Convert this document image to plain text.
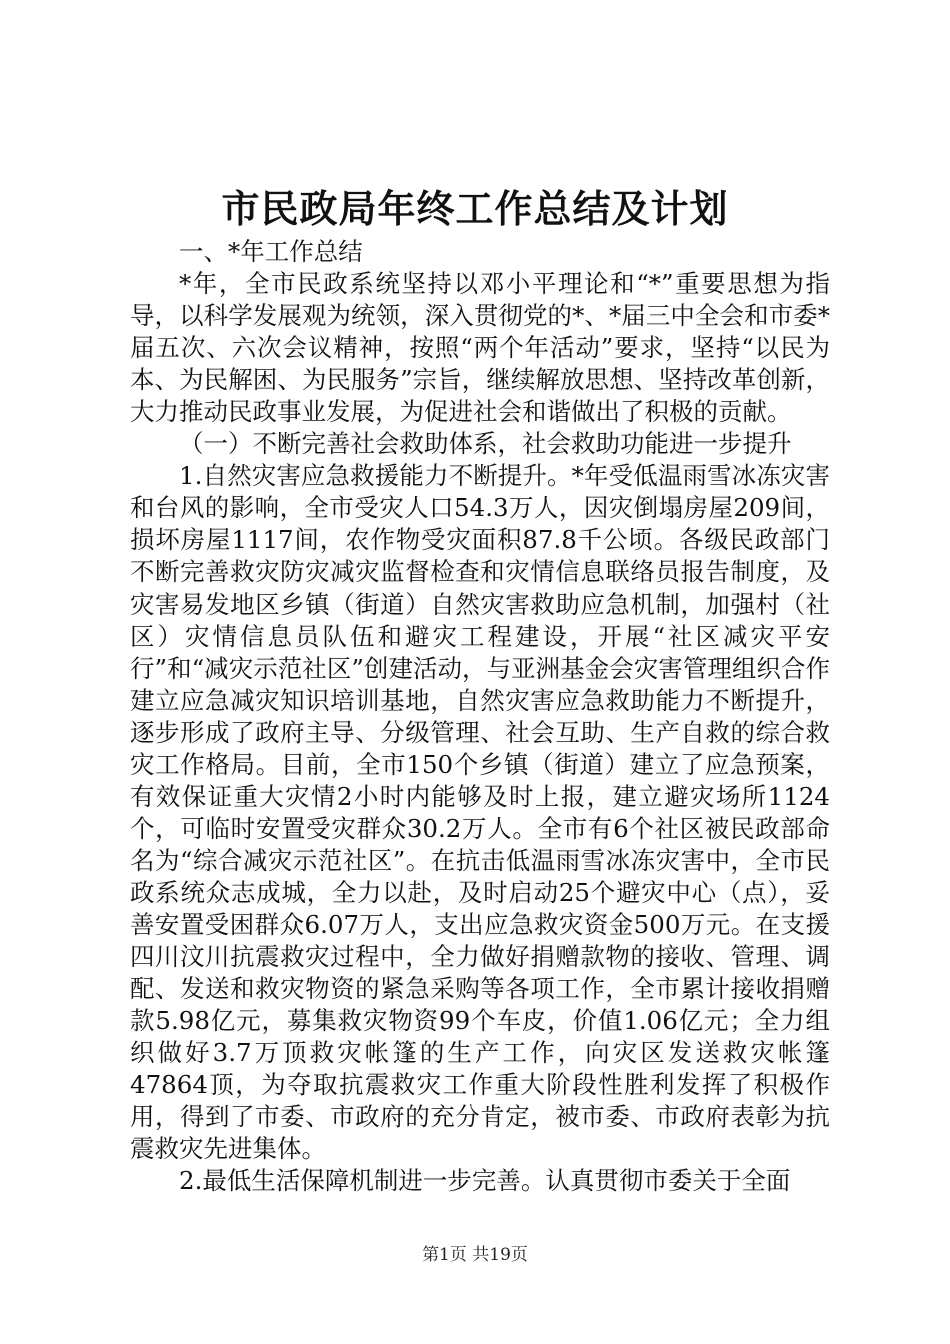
市民政局年终工作总结及计划

一、*年工作总结

*年，全市民政系统坚持以邓小平理论和“*”重要思想为指导，以科学发展观为统领，深入贯彻党的*、*届三中全会和市委*届五次、六次会议精神，按照“两个年活动”要求，坚持“以民为本、为民解困、为民服务”宗旨，继续解放思想、坚持改革创新，大力推动民政事业发展，为促进社会和谐做出了积极的贡献。

（一）不断完善社会救助体系，社会救助功能进一步提升

1.自然灾害应急救援能力不断提升。*年受低温雨雪冰冻灾害和台风的影响，全市受灾人口54.3万人，因灾倒塌房屋209间，损坏房屋1117间，农作物受灾面积87.8千公顷。各级民政部门不断完善救灾防灾减灾监督检查和灾情信息联络员报告制度，及灾害易发地区乡镇（街道）自然灾害救助应急机制，加强村（社区）灾情信息员队伍和避灾工程建设，开展“社区减灾平安行”和“减灾示范社区”创建活动，与亚洲基金会灾害管理组织合作建立应急减灾知识培训基地，自然灾害应急救助能力不断提升，逐步形成了政府主导、分级管理、社会互助、生产自救的综合救灾工作格局。目前，全市150个乡镇（街道）建立了应急预案，有效保证重大灾情2小时内能够及时上报，建立避灾场所1124个，可临时安置受灾群众30.2万人。全市有6个社区被民政部命名为“综合减灾示范社区”。在抗击低温雨雪冰冻灾害中，全市民政系统众志成城，全力以赴，及时启动25个避灾中心（点），妥善安置受困群众6.07万人，支出应急救灾资金500万元。在支援四川汶川抗震救灾过程中，全力做好捐赠款物的接收、管理、调配、发送和救灾物资的紧急采购等各项工作，全市累计接收捐赠款5.98亿元，募集救灾物资99个车皮，价值1.06亿元；全力组织做好3.7万顶救灾帐篷的生产工作，向灾区发送救灾帐篷47864顶，为夺取抗震救灾工作重大阶段性胜利发挥了积极作用，得到了市委、市政府的充分肯定，被市委、市政府表彰为抗震救灾先进集体。

2.最低生活保障机制进一步完善。认真贯彻市委关于全面

第1页 共19页
